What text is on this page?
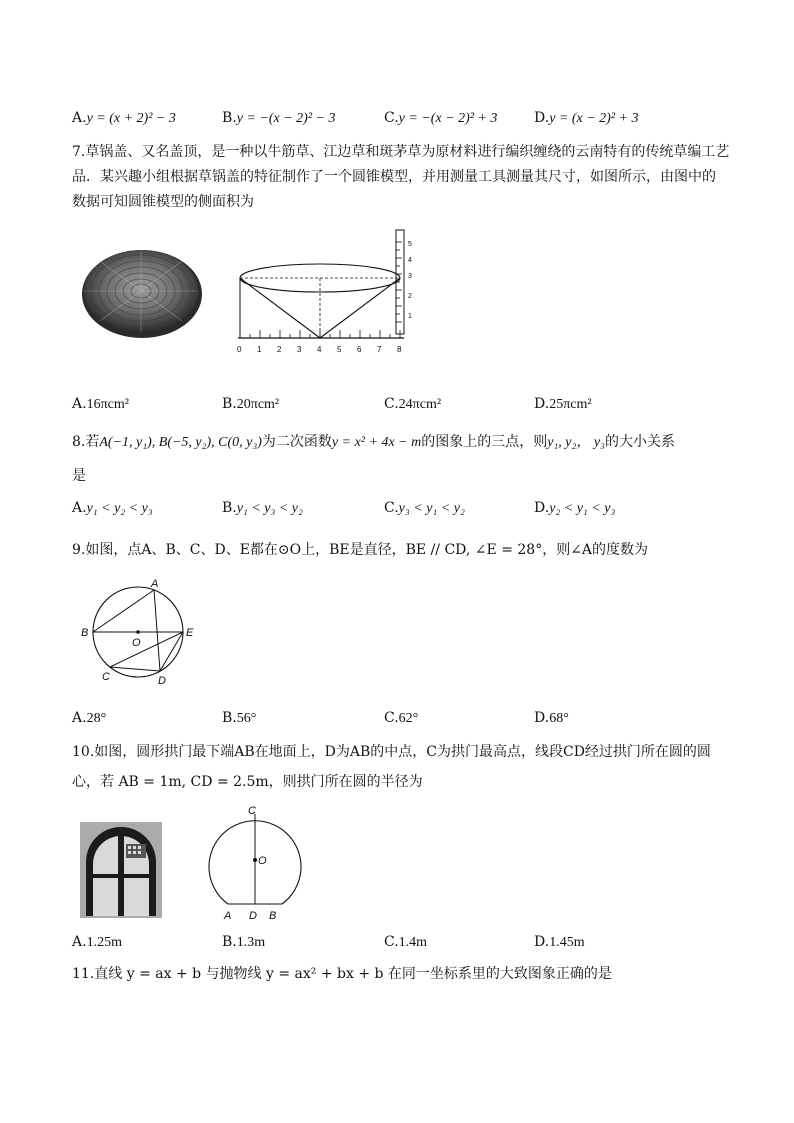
A.y = (x + 2)² − 3	B.y = −(x − 2)² − 3	C.y = −(x − 2)² + 3	D.y = (x − 2)² + 3
7.草锅盖、又名盖顶，是一种以牛筋草、江边草和斑茅草为原材料进行编织缠绕的云南特有的传统草编工艺
品．某兴趣小组根据草锅盖的特征制作了一个圆锥模型，并用测量工具测量其尺寸，如图所示，由图中的
数据可知圆锥模型的侧面积为
5
4
3
2
1
0 1 2 3 4 5 6 7 8
A.16πcm²	B.20πcm²	C.24πcm²	D.25πcm²
8.若A(−1, y₁), B(−5, y₂), C(0, y₃)为二次函数y = x² + 4x − m的图象上的三点，则y₁, y₂， y₃的大小关系
是
A.y₁ < y₂ < y₃	B.y₁ < y₃ < y₂	C.y₃ < y₁ < y₂	D.y₂ < y₁ < y₃
9.如图，点A、B、C、D、E都在⊙O上，BE是直径，BE // CD, ∠E = 28°，则∠A的度数为
A
B
O
E
C	D
A.28°	B.56°	C.62°	D.68°
10.如图，圆形拱门最下端AB在地面上，D为AB的中点，C为拱门最高点，线段CD经过拱门所在圆的圆
心，若 AB = 1m, CD = 2.5m，则拱门所在圆的半径为
C
O
A D B
A.1.25m	B.1.3m	C.1.4m	D.1.45m
11.直线 y = ax + b 与抛物线 y = ax² + bx + b 在同一坐标系里的大致图象正确的是
